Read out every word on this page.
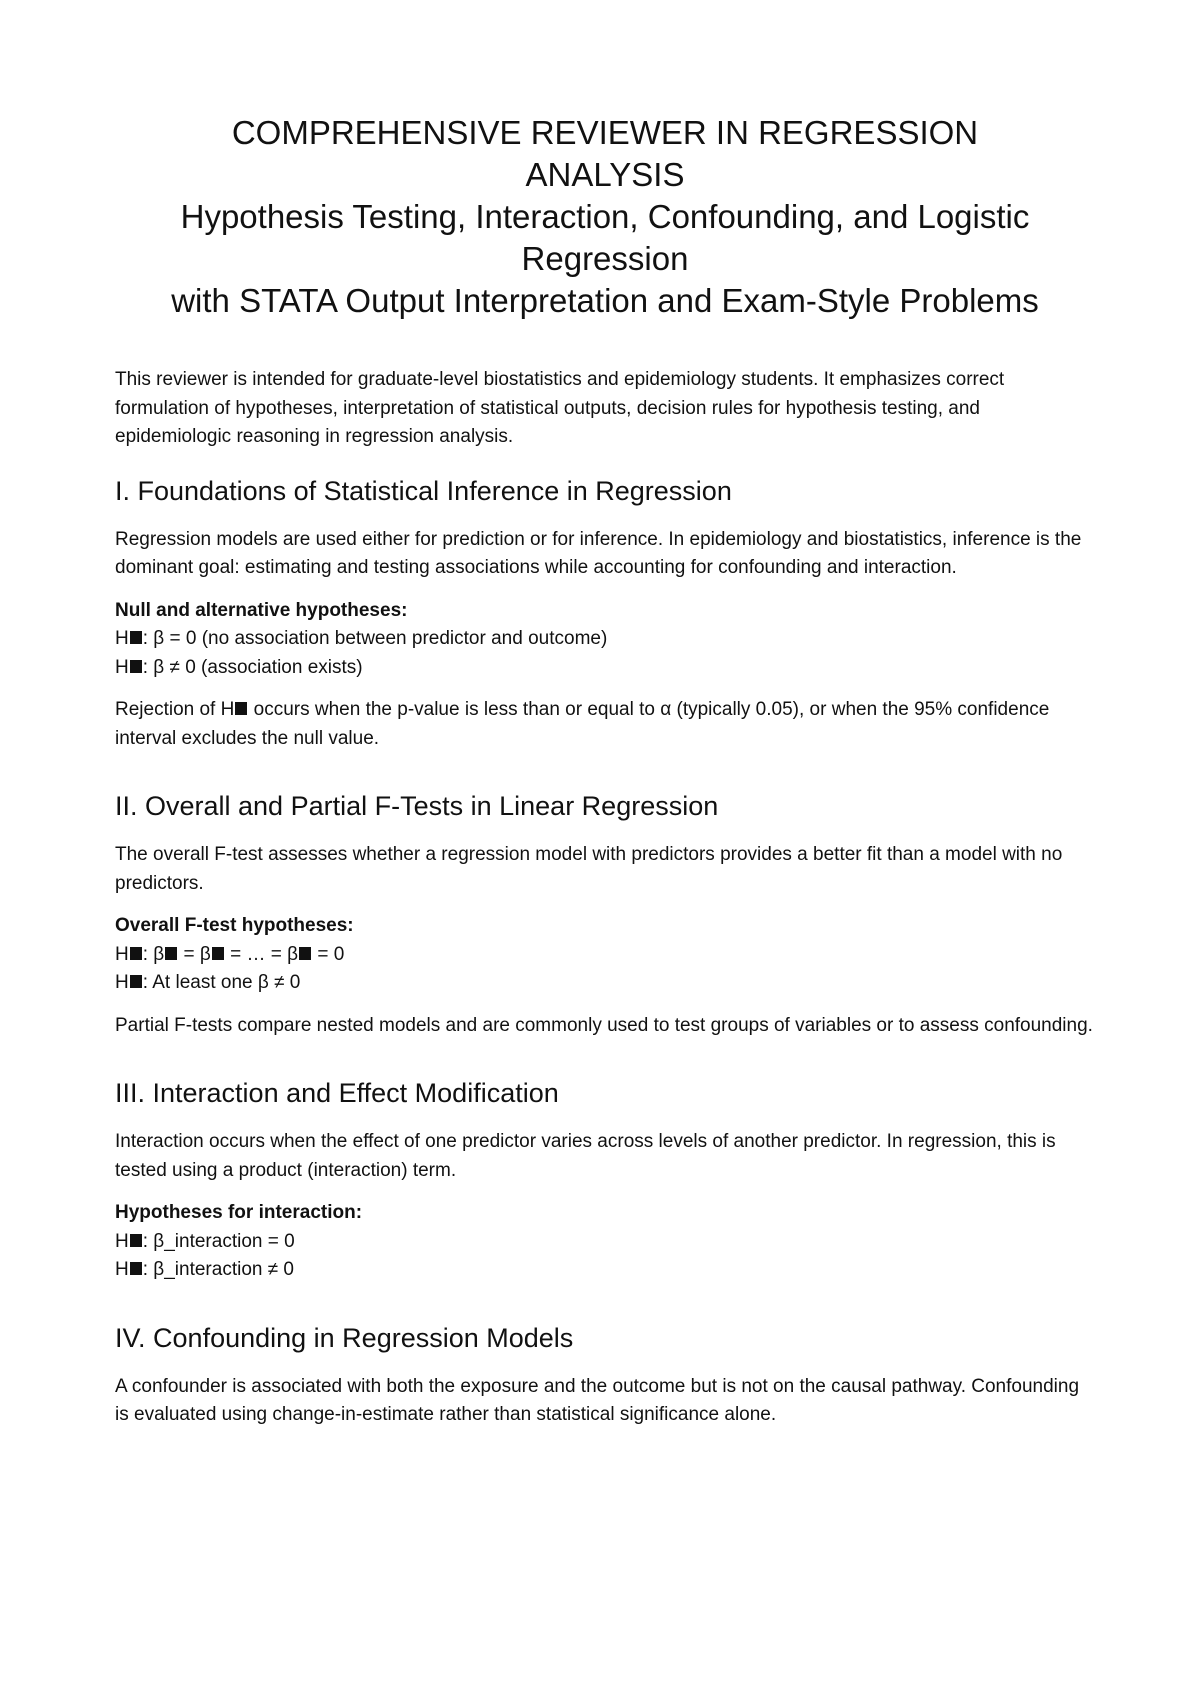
COMPREHENSIVE REVIEWER IN REGRESSION

ANALYSIS

Hypothesis Testing, Interaction, Confounding, and Logistic

Regression

with STATA Output Interpretation and Exam-Style Problems

This reviewer is intended for graduate-level biostatistics and epidemiology students. It emphasizes correct formulation of hypotheses, interpretation of statistical outputs, decision rules for hypothesis testing, and epidemiologic reasoning in regression analysis.

I. Foundations of Statistical Inference in Regression

Regression models are used either for prediction or for inference. In epidemiology and biostatistics, inference is the dominant goal: estimating and testing associations while accounting for confounding and interaction.

Null and alternative hypotheses:
H : β = 0 (no association between predictor and outcome)
H : β ≠ 0 (association exists)

Rejection of H occurs when the p-value is less than or equal to α (typically 0.05), or when the 95% confidence interval excludes the null value.

II. Overall and Partial F-Tests in Linear Regression

The overall F-test assesses whether a regression model with predictors provides a better fit than a model with no predictors.

Overall F-test hypotheses:
H : β = β = … = β = 0
H : At least one β ≠ 0

Partial F-tests compare nested models and are commonly used to test groups of variables or to assess confounding.

III. Interaction and Effect Modification

Interaction occurs when the effect of one predictor varies across levels of another predictor. In regression, this is tested using a product (interaction) term.

Hypotheses for interaction:
H : β_interaction = 0
H : β_interaction ≠ 0
IV. Confounding in Regression Models

A confounder is associated with both the exposure and the outcome but is not on the causal pathway. Confounding is evaluated using change-in-estimate rather than statistical significance alone.
